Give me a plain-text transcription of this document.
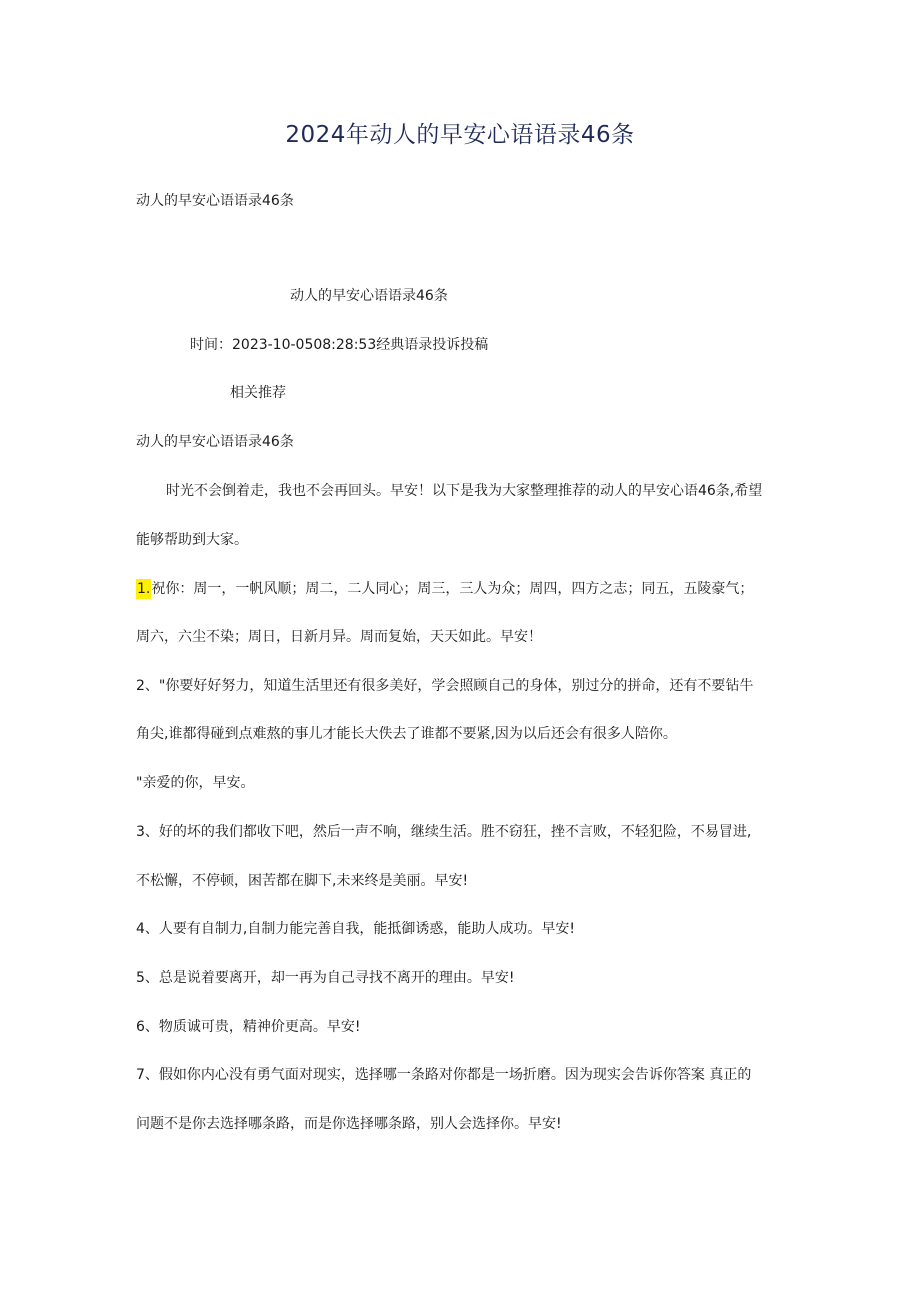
2024年动人的早安心语语录46条
动人的早安心语语录46条
动人的早安心语语录46条
时间：2023-10-0508:28:53经典语录投诉投稿
相关推荐
动人的早安心语语录46条
时光不会倒着走，我也不会再回头。早安！以下是我为大家整理推荐的动人的早安心语46条,希望
能够帮助到大家。
1.祝你：周一，一帆风顺；周二，二人同心；周三，三人为众；周四，四方之志；同五，五陵豪气；
周六，六尘不染；周日，日新月异。周而复始，天天如此。早安！
2、"你要好好努力，知道生活里还有很多美好，学会照顾自己的身体，别过分的拼命，还有不要钻牛
角尖,谁都得碰到点难熬的事儿才能长大佚去了谁都不要紧,因为以后还会有很多人陪你。
"亲爱的你，早安。
3、好的坏的我们都收下吧，然后一声不响，继续生活。胜不窃狂，挫不言败，不轻犯险，不易冒进,
不松懈，不停顿，困苦都在脚下,未来终是美丽。早安!
4、人要有自制力,自制力能完善自我，能抵御诱惑，能助人成功。早安!
5、总是说着要离开，却一再为自己寻找不离开的理由。早安!
6、物质诚可贵，精神价更高。早安!
7、假如你内心没有勇气面对现实，选择哪一条路对你都是一场折磨。因为现实会告诉你答案 真正的
问题不是你去选择哪条路，而是你选择哪条路，别人会选择你。早安!
